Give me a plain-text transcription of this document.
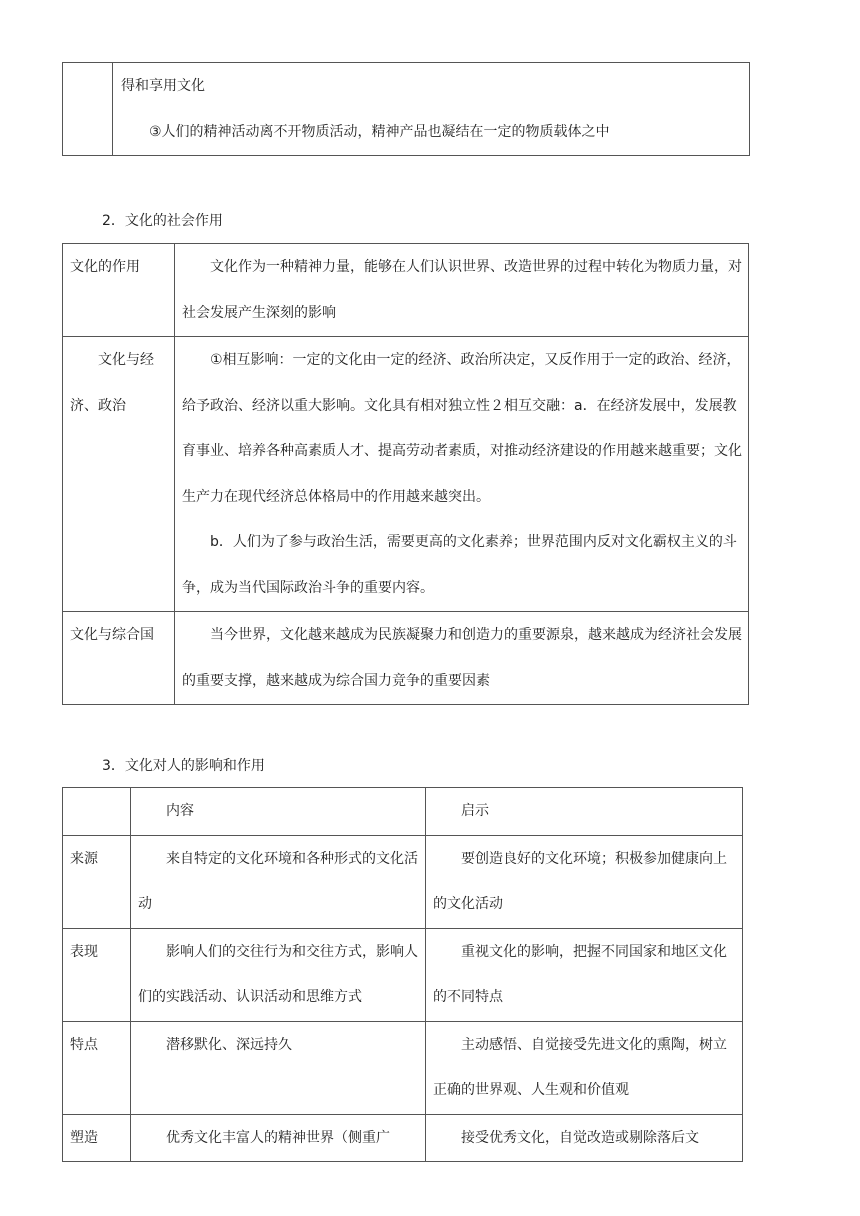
得和享用文化
③人们的精神活动离不开物质活动，精神产品也凝结在一定的物质载体之中
2．文化的社会作用
文化的作用	文化作为一种精神力量，能够在人们认识世界、改造世界的过程中转化为物质力量，对社会发展产生深刻的影响

文化与经济、政治	①相互影响：一定的文化由一定的经济、政治所决定，又反作用于一定的政治、经济，给予政治、经济以重大影响。文化具有相对独立性２相互交融：a．在经济发展中，发展教育事业、培养各种高素质人才、提高劳动者素质，对推动经济建设的作用越来越重要；文化生产力在现代经济总体格局中的作用越来越突出。
b．人们为了参与政治生活，需要更高的文化素养；世界范围内反对文化霸权主义的斗争，成为当代国际政治斗争的重要内容。

文化与综合国	当今世界，文化越来越成为民族凝聚力和创造力的重要源泉，越来越成为经济社会发展的重要支撑，越来越成为综合国力竞争的重要因素
3．文化对人的影响和作用

	内容	启示

来源	来自特定的文化环境和各种形式的文化活动	要创造良好的文化环境；积极参加健康向上的文化活动

表现	影响人们的交往行为和交往方式，影响人们的实践活动、认识活动和思维方式	重视文化的影响，把握不同国家和地区文化的不同特点

特点	潜移默化、深远持久	主动感悟、自觉接受先进文化的熏陶，树立正确的世界观、人生观和价值观

塑造	优秀文化丰富人的精神世界（侧重广	接受优秀文化，自觉改造或剔除落后文
